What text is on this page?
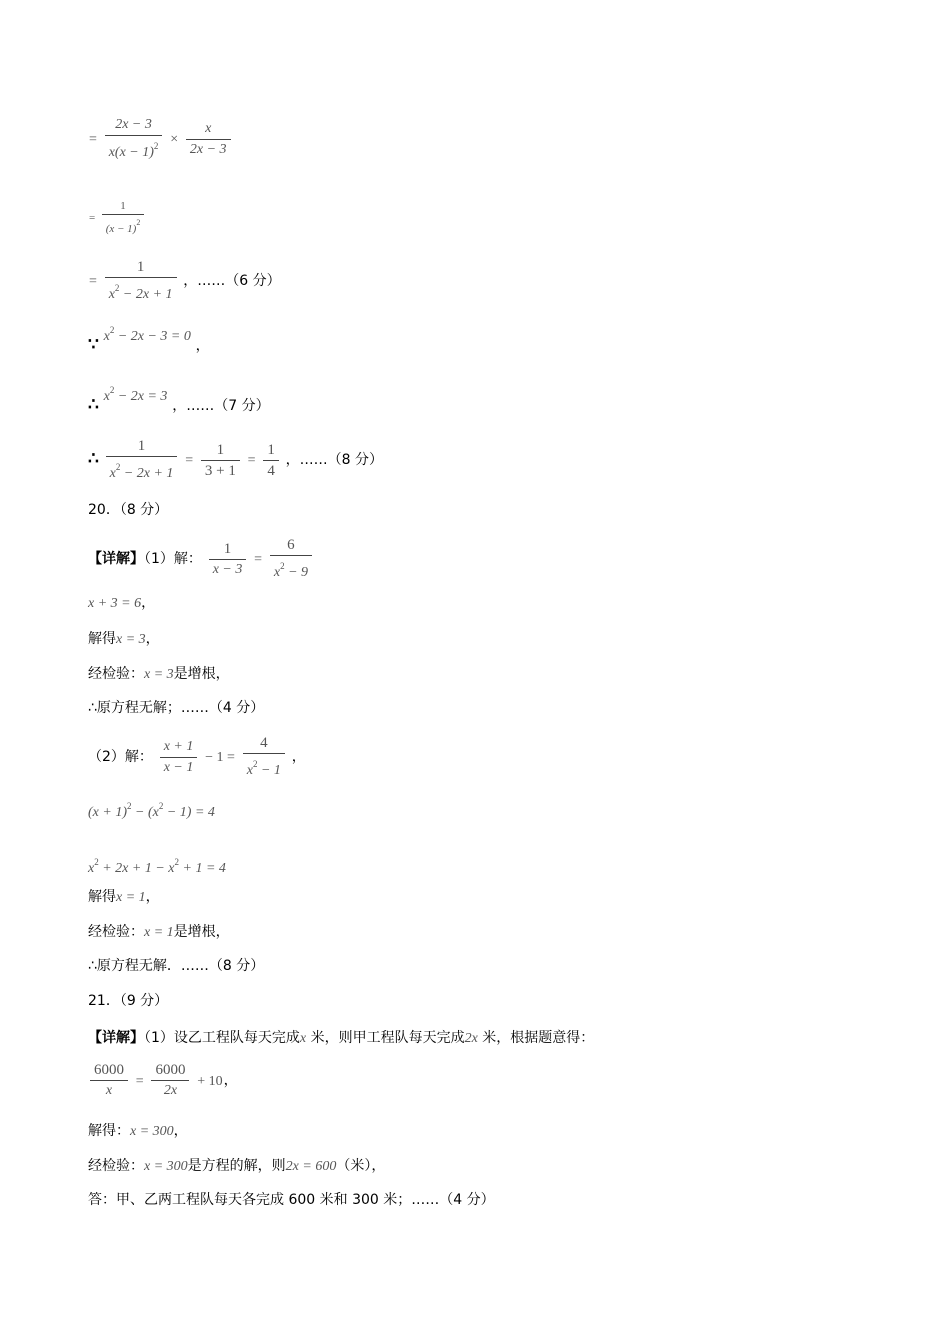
= $\frac{2x - 3}{x(x - 1)^2} \times \frac{x}{2x - 3}$
= $\frac{1}{(x - 1)^2}$
= $\frac{1}{x^2 - 2x + 1}$ ，……（6 分）
∵ $x^2 - 2x - 3 = 0$ ，
∴ $x^2 - 2x = 3$ ，……（7 分）
∴ $\frac{1}{x^2 - 2x + 1} = \frac{1}{3 + 1} = \frac{1}{4}$ ，……（8 分）
20．（8 分）
【详解】（1）解： $\frac{1}{x - 3} = \frac{6}{x^2 - 9}$
x + 3 = 6，
解得x = 3，
经检验：x = 3是增根，
∴原方程无解；……（4 分）
（2）解： $\frac{x + 1}{x - 1} - 1 = \frac{4}{x^2 - 1}$ ，
$(x + 1)^2 - (x^2 - 1) = 4$
$x^2 + 2x + 1 - x^2 + 1 = 4$
解得x = 1，
经检验：x = 1是增根，
∴原方程无解．……（8 分）
21．（9 分）
【详解】（1）设乙工程队每天完成x 米，则甲工程队每天完成2x 米，根据题意得：
$\frac{6000}{x} = \frac{6000}{2x} + 10$，
解得：x = 300，
经检验：x = 300是方程的解，则2x = 600（米），
答：甲、乙两工程队每天各完成 600 米和 300 米；……（4 分）
